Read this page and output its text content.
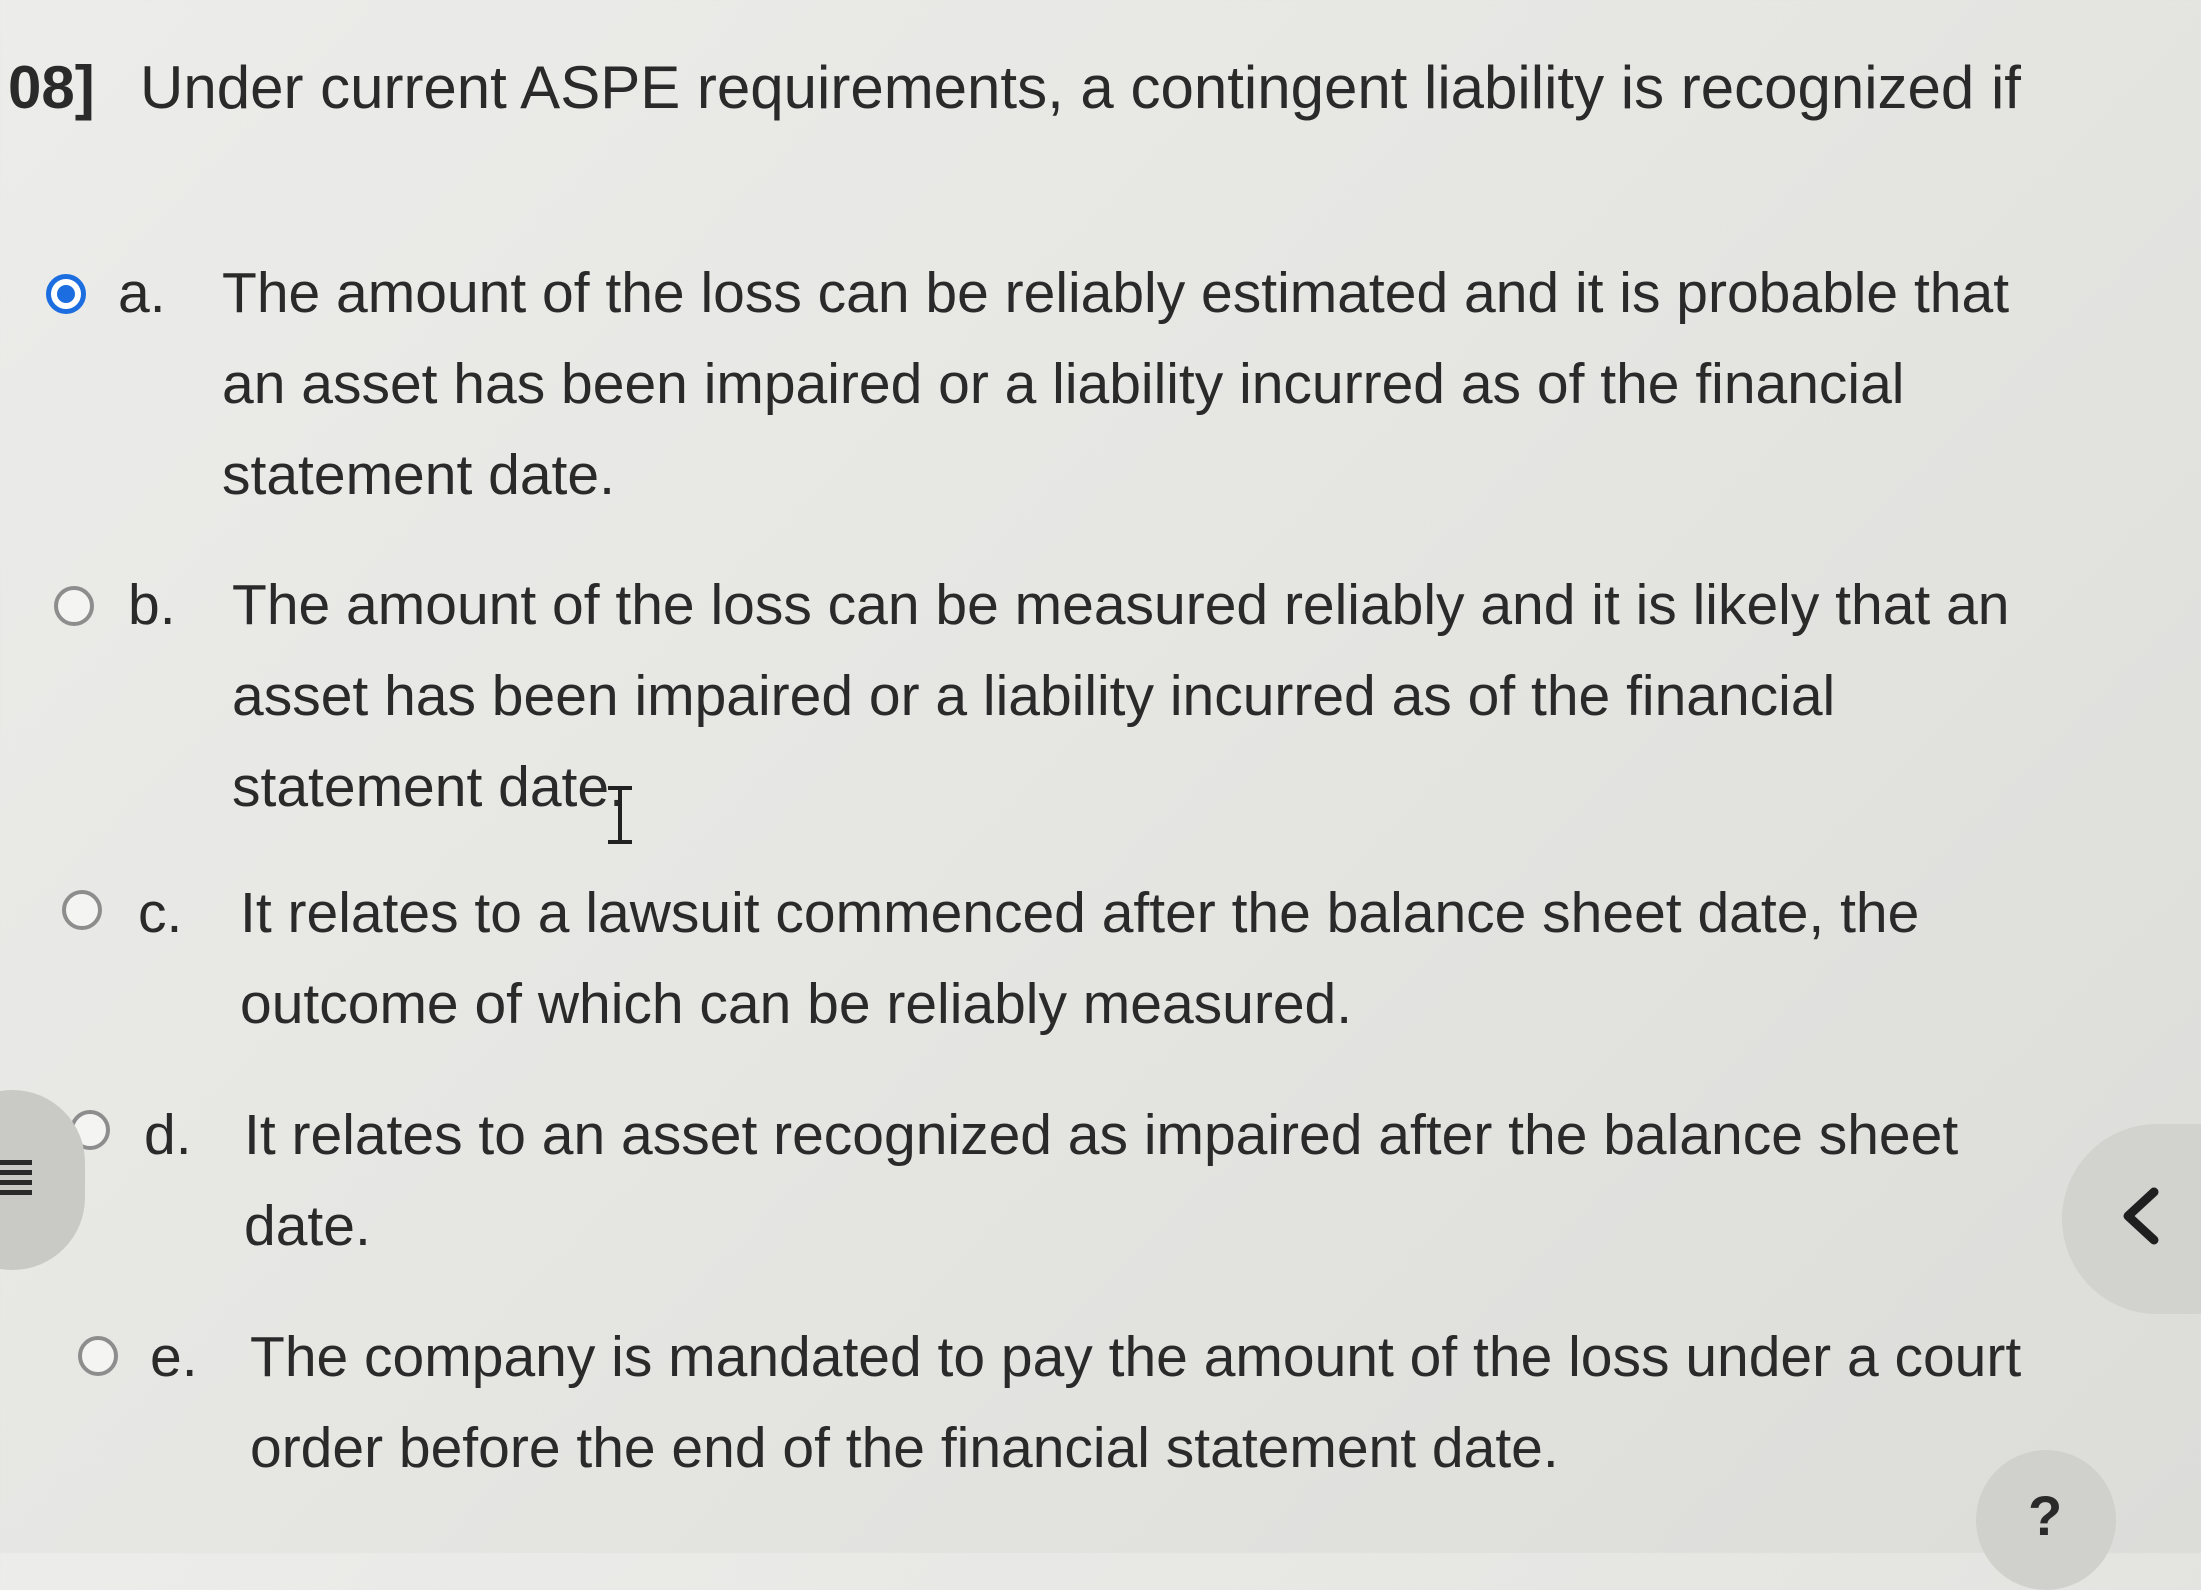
08] Under current ASPE requirements, a contingent liability is recognized if
a. The amount of the loss can be reliably estimated and it is probable that
an asset has been impaired or a liability incurred as of the financial
statement date.
b. The amount of the loss can be measured reliably and it is likely that an
asset has been impaired or a liability incurred as of the financial
statement date.
c. It relates to a lawsuit commenced after the balance sheet date, the
outcome of which can be reliably measured.
d. It relates to an asset recognized as impaired after the balance sheet
date.
e. The company is mandated to pay the amount of the loss under a court
order before the end of the financial statement date.
?
